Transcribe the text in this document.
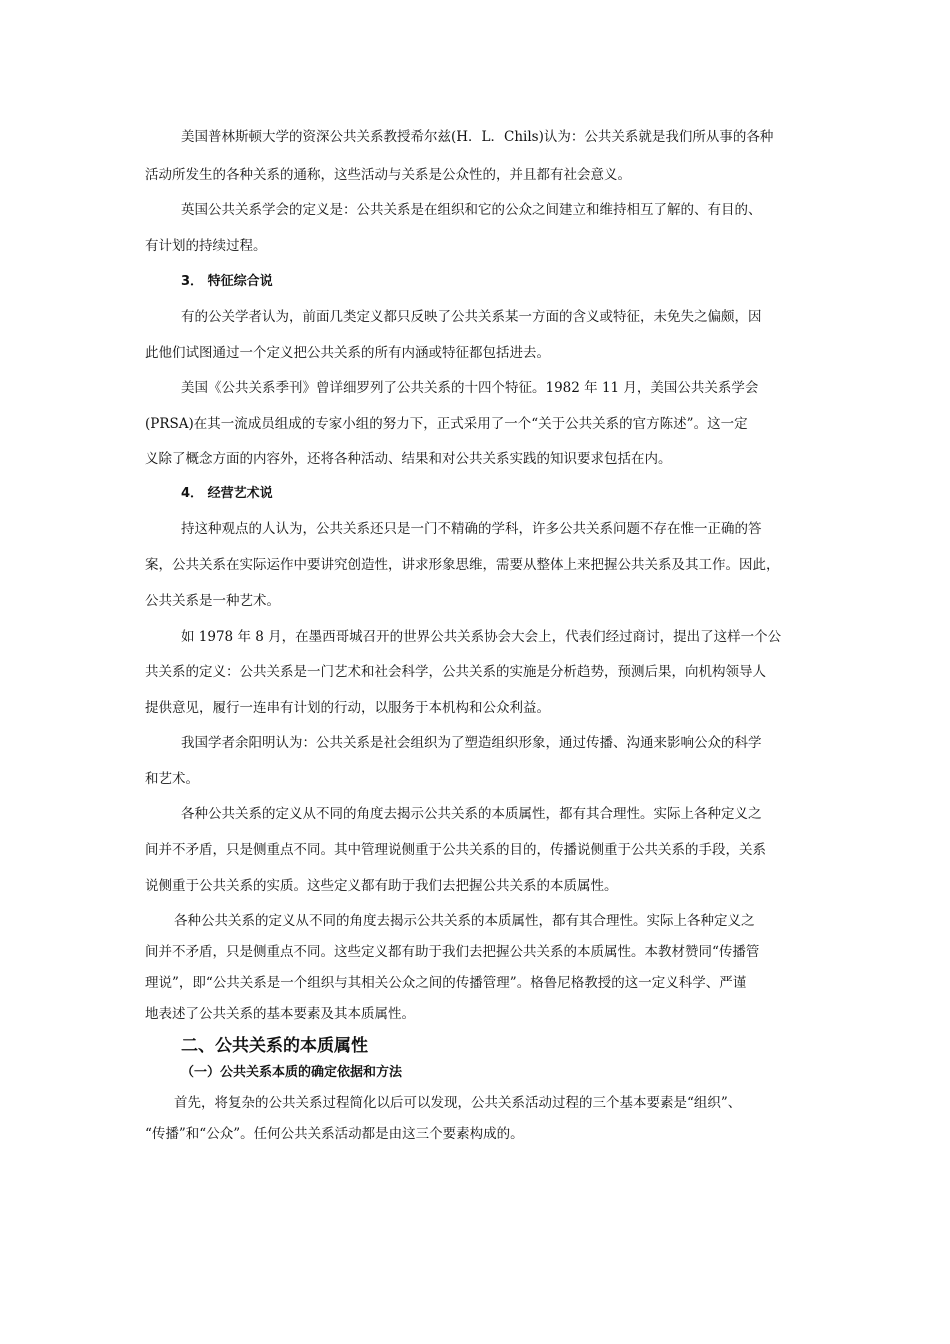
美国普林斯顿大学的资深公共关系教授希尔兹(H．L．Chils)认为：公共关系就是我们所从事的各种
活动所发生的各种关系的通称，这些活动与关系是公众性的，并且都有社会意义。
英国公共关系学会的定义是：公共关系是在组织和它的公众之间建立和维持相互了解的、有目的、
有计划的持续过程。
3． 特征综合说
有的公关学者认为，前面几类定义都只反映了公共关系某一方面的含义或特征，未免失之偏颇，因
此他们试图通过一个定义把公共关系的所有内涵或特征都包括进去。
美国《公共关系季刊》曾详细罗列了公共关系的十四个特征。1982 年 11 月，美国公共关系学会
(PRSA)在其一流成员组成的专家小组的努力下，正式采用了一个“关于公共关系的官方陈述”。这一定
义除了概念方面的内容外，还将各种活动、结果和对公共关系实践的知识要求包括在内。
4． 经营艺术说
持这种观点的人认为，公共关系还只是一门不精确的学科，许多公共关系问题不存在惟一正确的答
案，公共关系在实际运作中要讲究创造性，讲求形象思维，需要从整体上来把握公共关系及其工作。因此，
公共关系是一种艺术。
如 1978 年 8 月，在墨西哥城召开的世界公共关系协会大会上，代表们经过商讨，提出了这样一个公
共关系的定义：公共关系是一门艺术和社会科学，公共关系的实施是分析趋势，预测后果，向机构领导人
提供意见，履行一连串有计划的行动，以服务于本机构和公众利益。
我国学者余阳明认为：公共关系是社会组织为了塑造组织形象，通过传播、沟通来影响公众的科学
和艺术。
各种公共关系的定义从不同的角度去揭示公共关系的本质属性，都有其合理性。实际上各种定义之
间并不矛盾，只是侧重点不同。其中管理说侧重于公共关系的目的，传播说侧重于公共关系的手段，关系
说侧重于公共关系的实质。这些定义都有助于我们去把握公共关系的本质属性。
各种公共关系的定义从不同的角度去揭示公共关系的本质属性，都有其合理性。实际上各种定义之
间并不矛盾，只是侧重点不同。这些定义都有助于我们去把握公共关系的本质属性。本教材赞同“传播管
理说”，即“公共关系是一个组织与其相关公众之间的传播管理”。格鲁尼格教授的这一定义科学、严谨
地表述了公共关系的基本要素及其本质属性。
二、公共关系的本质属性
（一）公共关系本质的确定依据和方法
首先，将复杂的公共关系过程简化以后可以发现，公共关系活动过程的三个基本要素是“组织”、
“传播”和“公众”。任何公共关系活动都是由这三个要素构成的。
